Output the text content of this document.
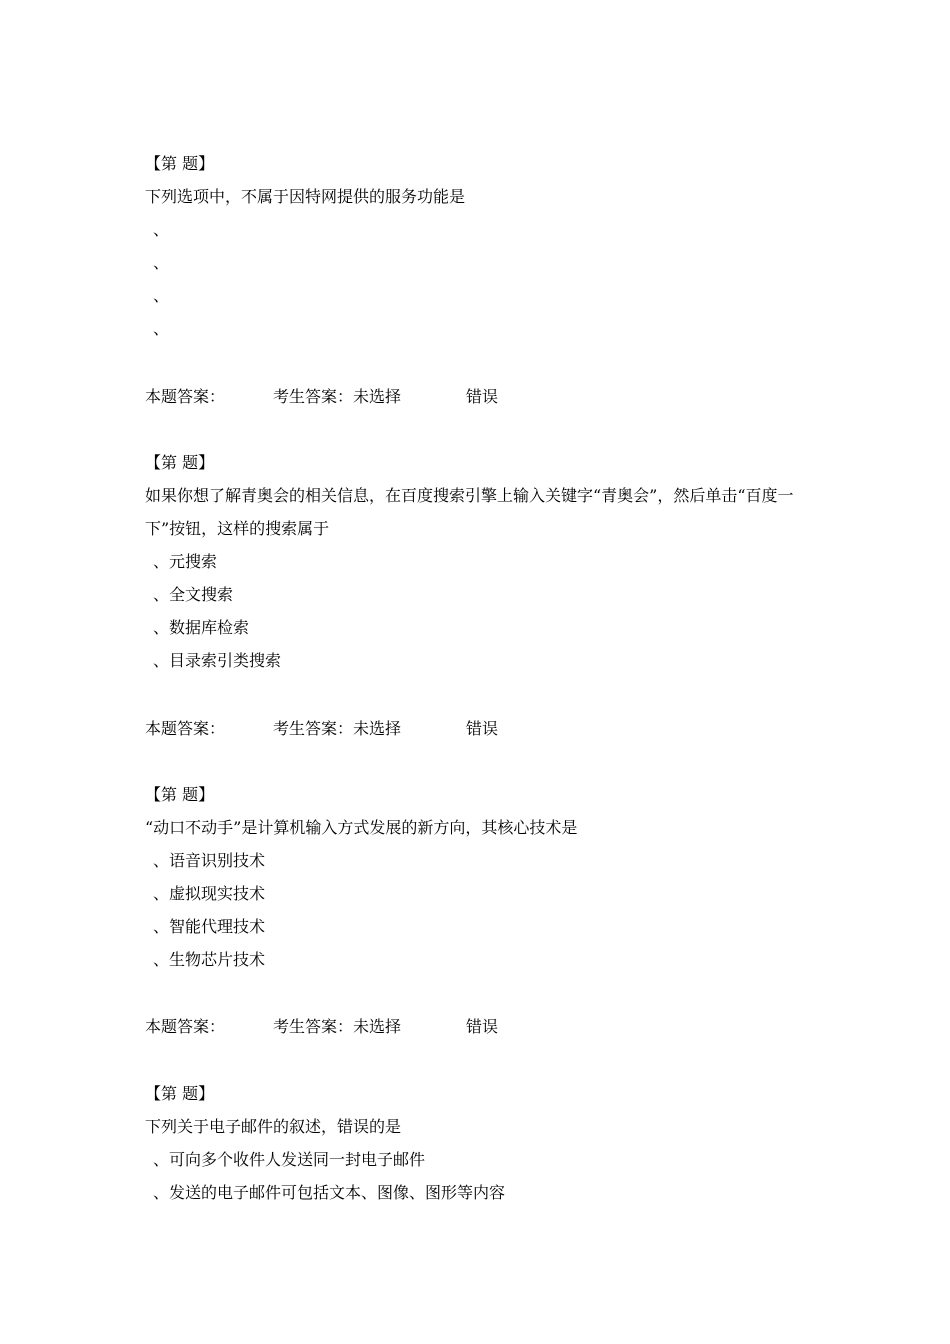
【第 题】
下列选项中，不属于因特网提供的服务功能是
、
、
、
、
本题答案：	考生答案：未选择	错误
【第 题】
如果你想了解青奥会的相关信息，在百度搜索引擎上输入关键字“青奥会”，然后单击“百度一下”按钮，这样的搜索属于
、元搜索
、全文搜索
、数据库检索
、目录索引类搜索
本题答案：	考生答案：未选择	错误
【第 题】
“动口不动手”是计算机输入方式发展的新方向，其核心技术是
、语音识别技术
、虚拟现实技术
、智能代理技术
、生物芯片技术
本题答案：	考生答案：未选择	错误
【第 题】
下列关于电子邮件的叙述，错误的是
、可向多个收件人发送同一封电子邮件
、发送的电子邮件可包括文本、图像、图形等内容
